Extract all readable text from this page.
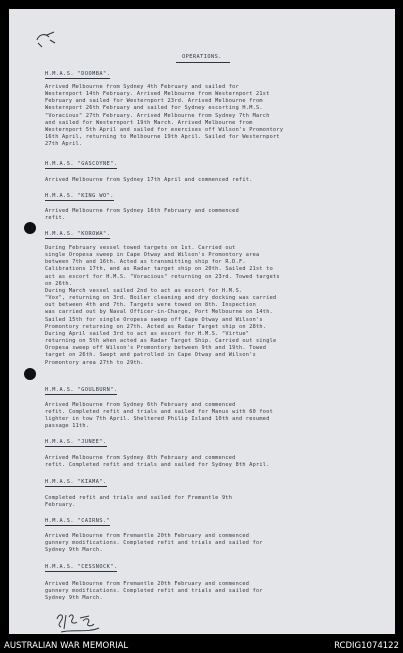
OPERATIONS.
H.M.A.S. "DOOMBA".
Arrived Melbourne from Sydney 4th February and sailed for
Westernport 14th February. Arrived Melbourne from Westernport 21st
February and sailed for Westernport 23rd. Arrived Melbourne from
Westernport 26th February and sailed for Sydney escorting H.M.S.
"Voracious" 27th February. Arrived Melbourne from Sydney 7th March
and sailed for Westernport 19th March. Arrived Melbourne from
Westernport 5th April and sailed for exercises off Wilson's Promontory
16th April, returning to Melbourne 19th April. Sailed for Westernport
27th April.
H.M.A.S. "GASCOYNE".
Arrived Melbourne from Sydney 17th April and commenced refit.
H.M.A.S. "KING WO".
Arrived Melbourne from Sydney 16th February and commenced
refit.
H.M.A.S. "KOROWA".
During February vessel towed targets on 1st. Carried out
single Oropesa sweep in Cape Otway and Wilson's Promontory area
between 7th and 16th. Acted as transmitting ship for R.D.F.
Calibrations 17th, and as Radar target ship on 20th. Sailed 21st to
act as escort for H.M.S. "Voracious" returning on 23rd. Towed targets
on 26th.
During March vessel sailed 2nd to act as escort for H.M.S.
"Vox", returning on 3rd. Boiler cleaning and dry docking was carried
out between 4th and 7th. Targets were towed on 8th. Inspection
was carried out by Naval Officer-in-Charge, Port Melbourne on 14th.
Sailed 15th for single Oropesa sweep off Cape Otway and Wilson's
Promontory returning on 27th. Acted as Radar Target ship on 28th.
During April sailed 3rd to act as escort for H.M.S. "Virtue"
returning on 5th when acted as Radar Target Ship. Carried out single
Oropesa sweep off Wilson's Promontory between 9th and 19th. Towed
target on 26th. Swept and patrolled in Cape Otway and Wilson's
Promontory area 27th to 29th.
H.M.A.S. "GOULBURN".
Arrived Melbourne from Sydney 6th February and commenced
refit. Completed refit and trials and sailed for Manus with 60 foot
lighter in tow 7th April. Sheltered Philip Island 10th and resumed
passage 11th.
H.M.A.S. "JUNEE".
Arrived Melbourne from Sydney 8th February and commenced
refit. Completed refit and trials and sailed for Sydney 8th April.
H.M.A.S. "KIAMA".
Completed refit and trials and sailed for Fremantle 9th
February.
H.M.A.S. "CAIRNS."
Arrived Melbourne from Fremantle 20th February and commenced
gunnery modifications. Completed refit and trials and sailed for
Sydney 9th March.
H.M.A.S. "CESSNOCK".
Arrived Melbourne from Fremantle 20th February and commenced
gunnery modifications. Completed refit and trials and sailed for
Sydney 9th March.
AUSTRALIAN WAR MEMORIAL	RCDIG1074122
